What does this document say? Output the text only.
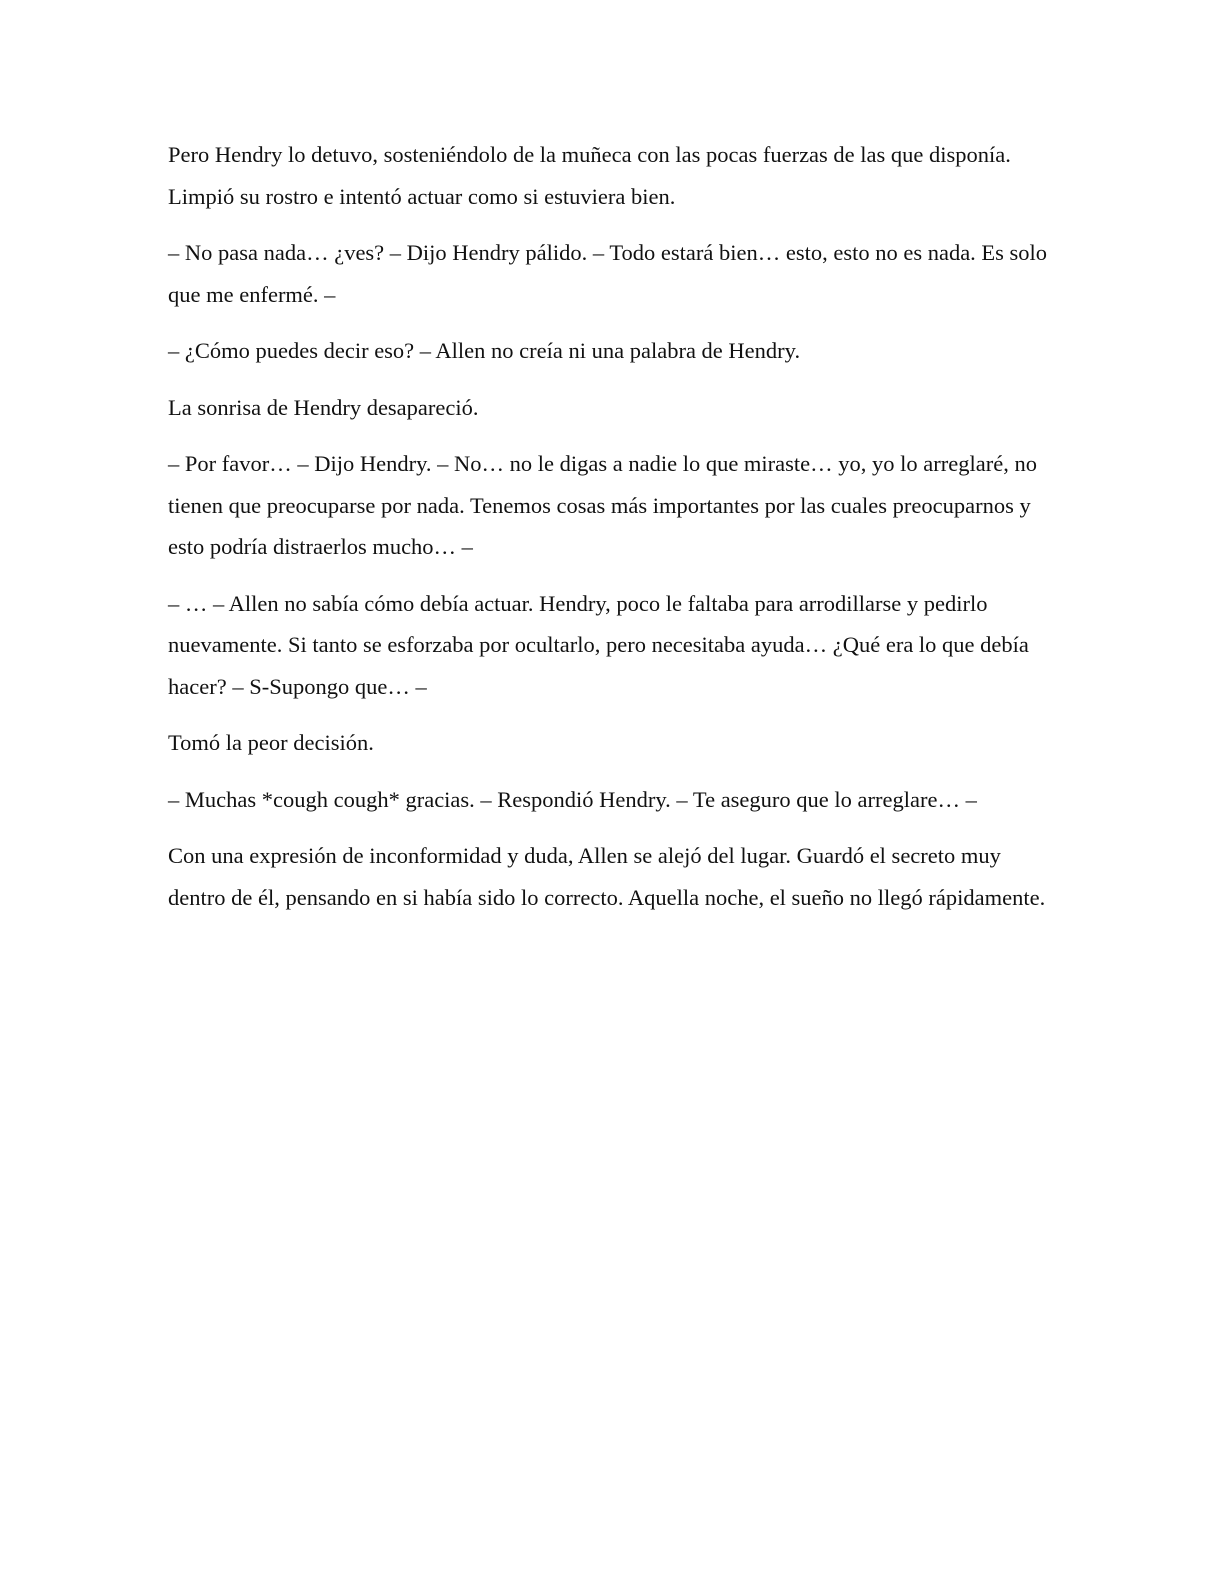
Pero Hendry lo detuvo, sosteniéndolo de la muñeca con las pocas fuerzas de las que disponía. Limpió su rostro e intentó actuar como si estuviera bien.

– No pasa nada… ¿ves? – Dijo Hendry pálido. – Todo estará bien… esto, esto no es nada. Es solo que me enfermé. –

– ¿Cómo puedes decir eso? – Allen no creía ni una palabra de Hendry.

La sonrisa de Hendry desapareció.

– Por favor… – Dijo Hendry. – No… no le digas a nadie lo que miraste… yo, yo lo arreglaré, no tienen que preocuparse por nada. Tenemos cosas más importantes por las cuales preocuparnos y esto podría distraerlos mucho… –

– … – Allen no sabía cómo debía actuar. Hendry, poco le faltaba para arrodillarse y pedirlo nuevamente. Si tanto se esforzaba por ocultarlo, pero necesitaba ayuda… ¿Qué era lo que debía hacer? – S-Supongo que… –

Tomó la peor decisión.

– Muchas *cough cough* gracias. – Respondió Hendry. – Te aseguro que lo arreglare… –

Con una expresión de inconformidad y duda, Allen se alejó del lugar. Guardó el secreto muy dentro de él, pensando en si había sido lo correcto. Aquella noche, el sueño no llegó rápidamente.
